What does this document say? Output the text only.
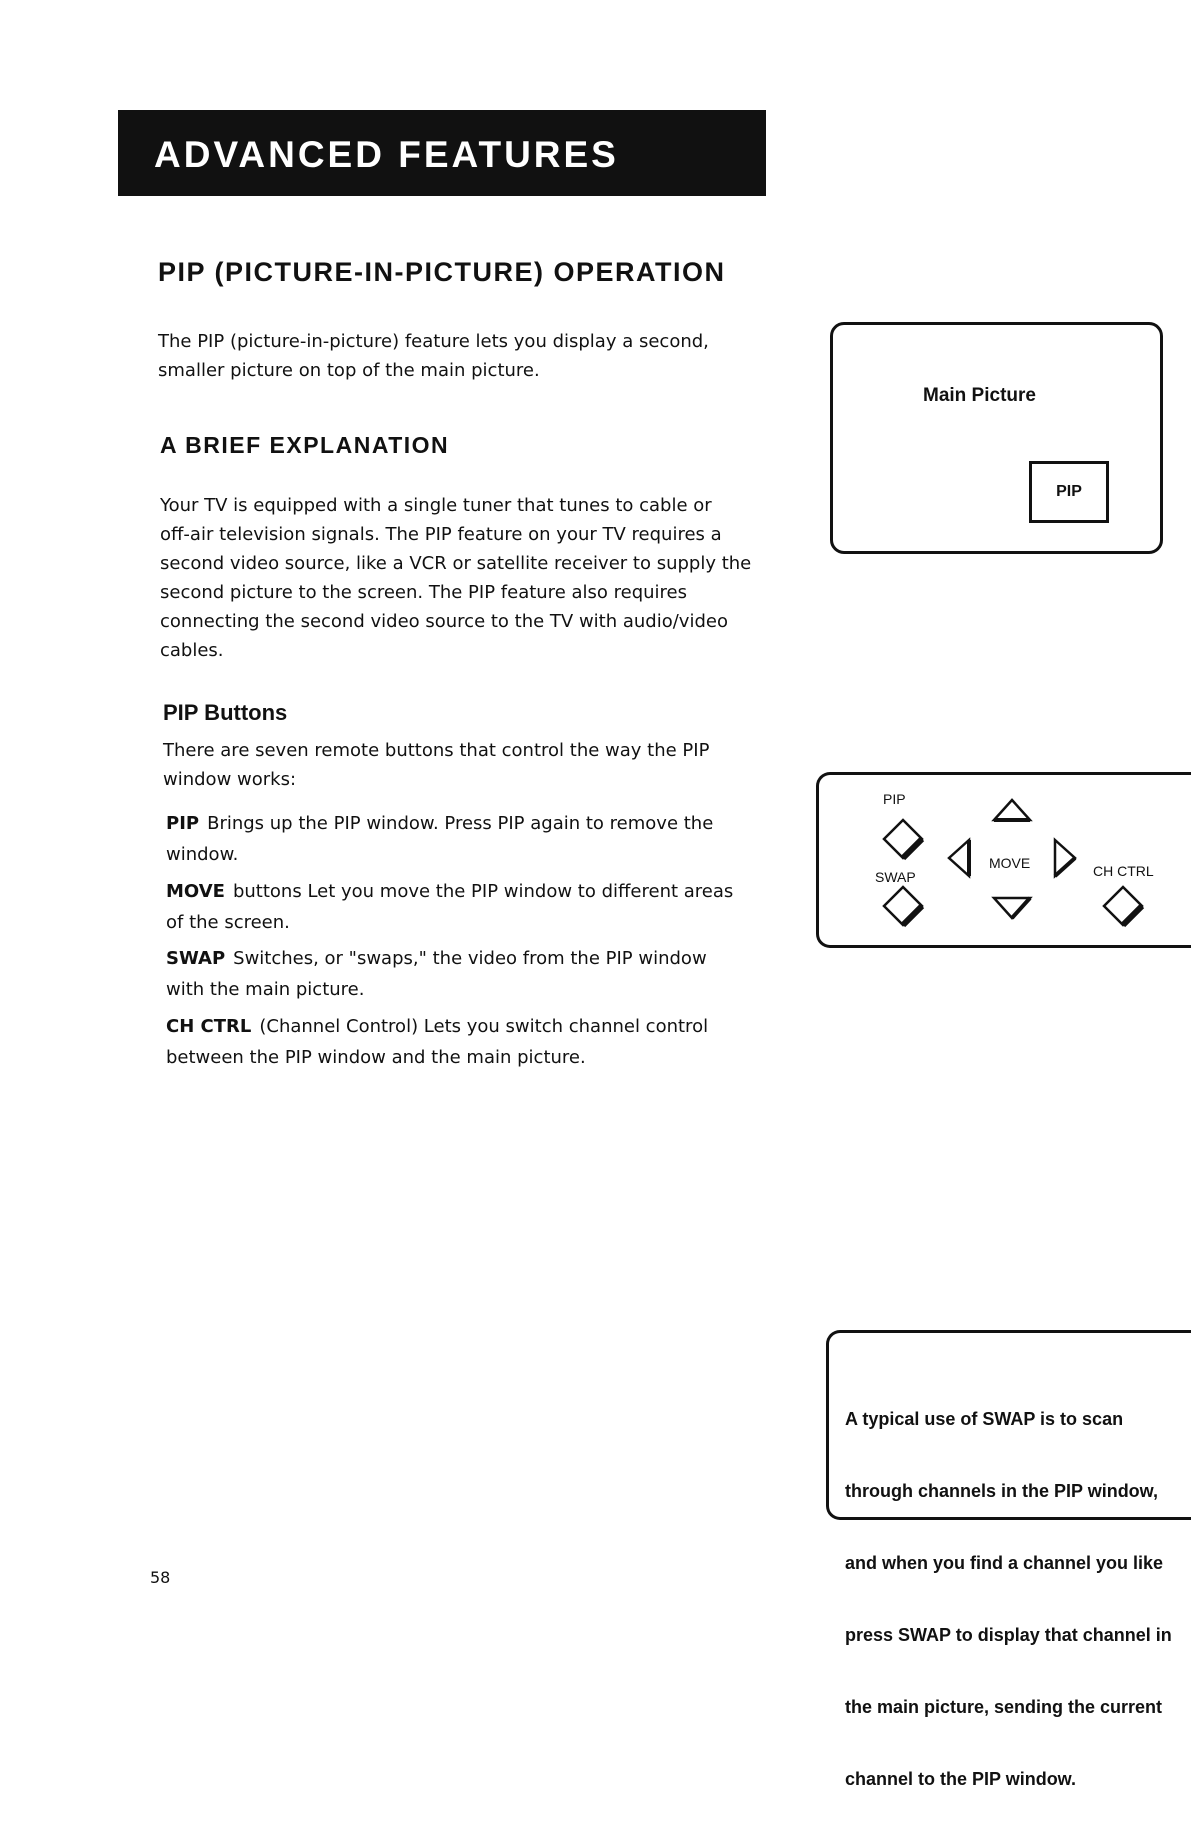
ADVANCED FEATURES
PIP (PICTURE-IN-PICTURE) OPERATION
The PIP (picture-in-picture) feature lets you display a second,
smaller picture on top of the main picture.
A BRIEF EXPLANATION
Your TV is equipped with a single tuner that tunes to cable or
off-air television signals. The PIP feature on your TV requires a
second video source, like a VCR or satellite receiver to supply the
second picture to the screen. The PIP feature also requires
connecting the second video source to the TV with audio/video
cables.
PIP Buttons
There are seven remote buttons that control the way the PIP
window works:
PIP Brings up the PIP window. Press PIP again to remove the
window.
MOVE buttons Let you move the PIP window to different areas
of the screen.
SWAP Switches, or "swaps," the video from the PIP window
with the main picture.
CH CTRL (Channel Control) Lets you switch channel control
between the PIP window and the main picture.
Main Picture
PIP
PIP
SWAP
MOVE	CH CTRL

A typical use of SWAP is to scan

through channels in the PIP window,

and when you find a channel you like

press SWAP to display that channel in

the main picture, sending the current

channel to the PIP window.

58
